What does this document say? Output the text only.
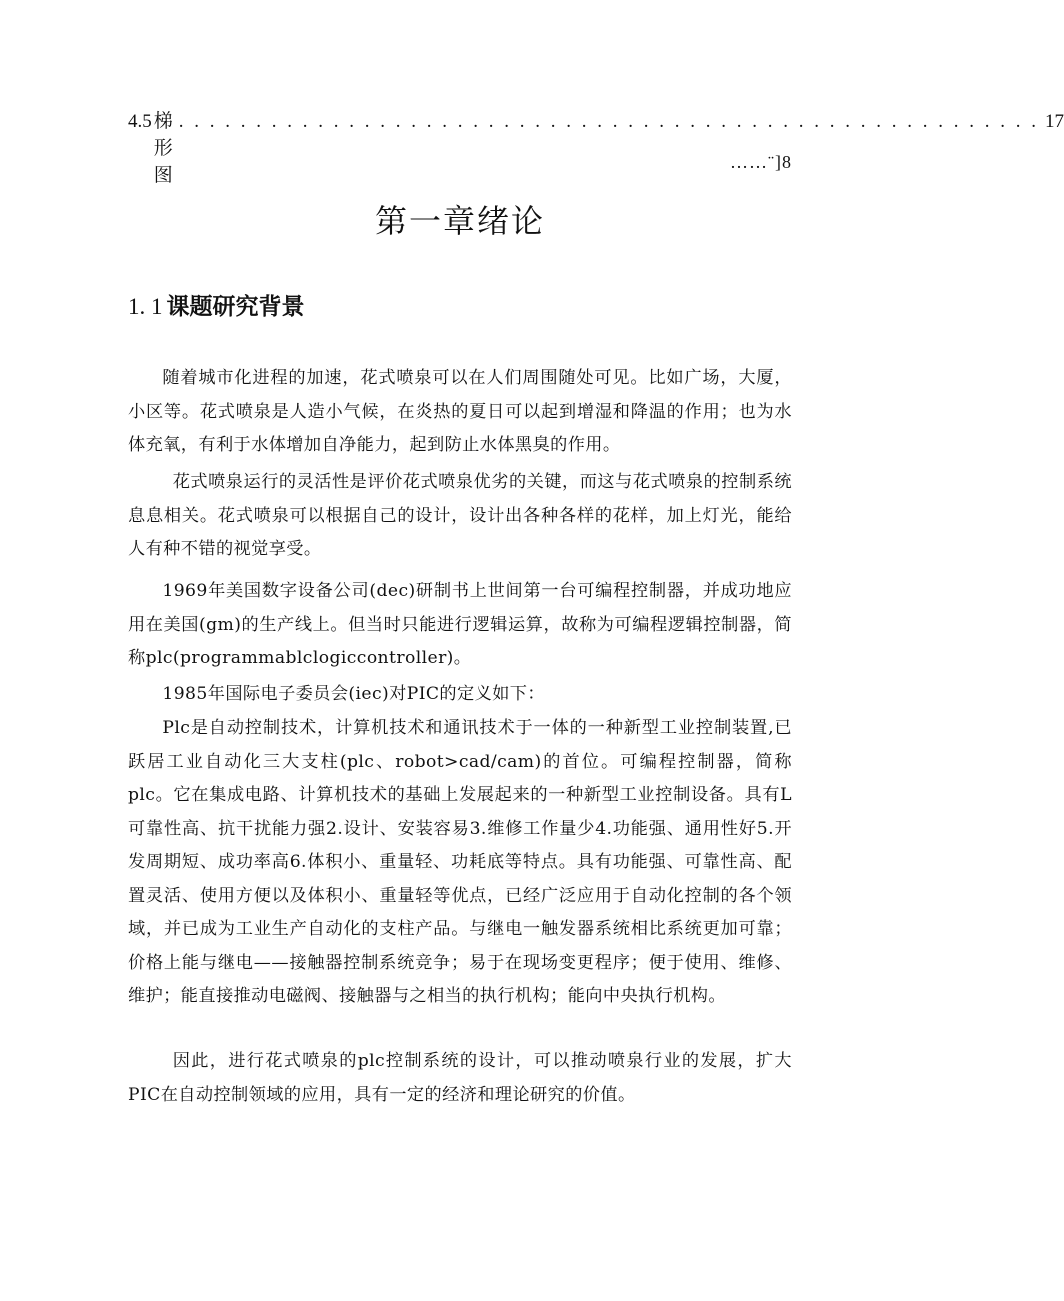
4.5 梯形图
. . . . . . . . . . . . . . . . . . . . . . . . . . . . . . . . . . . . . . . . . . . . . . . . . . . . . . . . 17
……¨]8
第一章绪论
1. 1 课题研究背景

随着城市化进程的加速，花式喷泉可以在人们周围随处可见。比如广场，大厦，小区等。花式喷泉是人造小气候，在炎热的夏日可以起到增湿和降温的作用；也为水体充氧，有利于水体增加自净能力，起到防止水体黑臭的作用。

花式喷泉运行的灵活性是评价花式喷泉优劣的关键，而这与花式喷泉的控制系统息息相关。花式喷泉可以根据自己的设计，设计出各种各样的花样，加上灯光，能给人有种不错的视觉享受。

1969年美国数字设备公司(dec)研制书上世间第一台可编程控制器，并成功地应用在美国(gm)的生产线上。但当时只能进行逻辑运算，故称为可编程逻辑控制器，简称plc(programmablclogiccontroller)。

1985年国际电子委员会(iec)对PIC的定义如下：

Plc是自动控制技术，计算机技术和通讯技术于一体的一种新型工业控制装置,已跃居工业自动化三大支柱(plc、robot>cad/cam)的首位。可编程控制器，简称plc。它在集成电路、计算机技术的基础上发展起来的一种新型工业控制设备。具有L可靠性高、抗干扰能力强2.设计、安装容易3.维修工作量少4.功能强、通用性好5.开发周期短、成功率高6.体积小、重量轻、功耗底等特点。具有功能强、可靠性高、配置灵活、使用方便以及体积小、重量轻等优点，已经广泛应用于自动化控制的各个领域，并已成为工业生产自动化的支柱产品。与继电一触发器系统相比系统更加可靠；价格上能与继电——接触器控制系统竞争；易于在现场变更程序；便于使用、维修、维护；能直接推动电磁阀、接触器与之相当的执行机构；能向中央执行机构。

因此，进行花式喷泉的plc控制系统的设计，可以推动喷泉行业的发展，扩大PIC在自动控制领域的应用，具有一定的经济和理论研究的价值。
